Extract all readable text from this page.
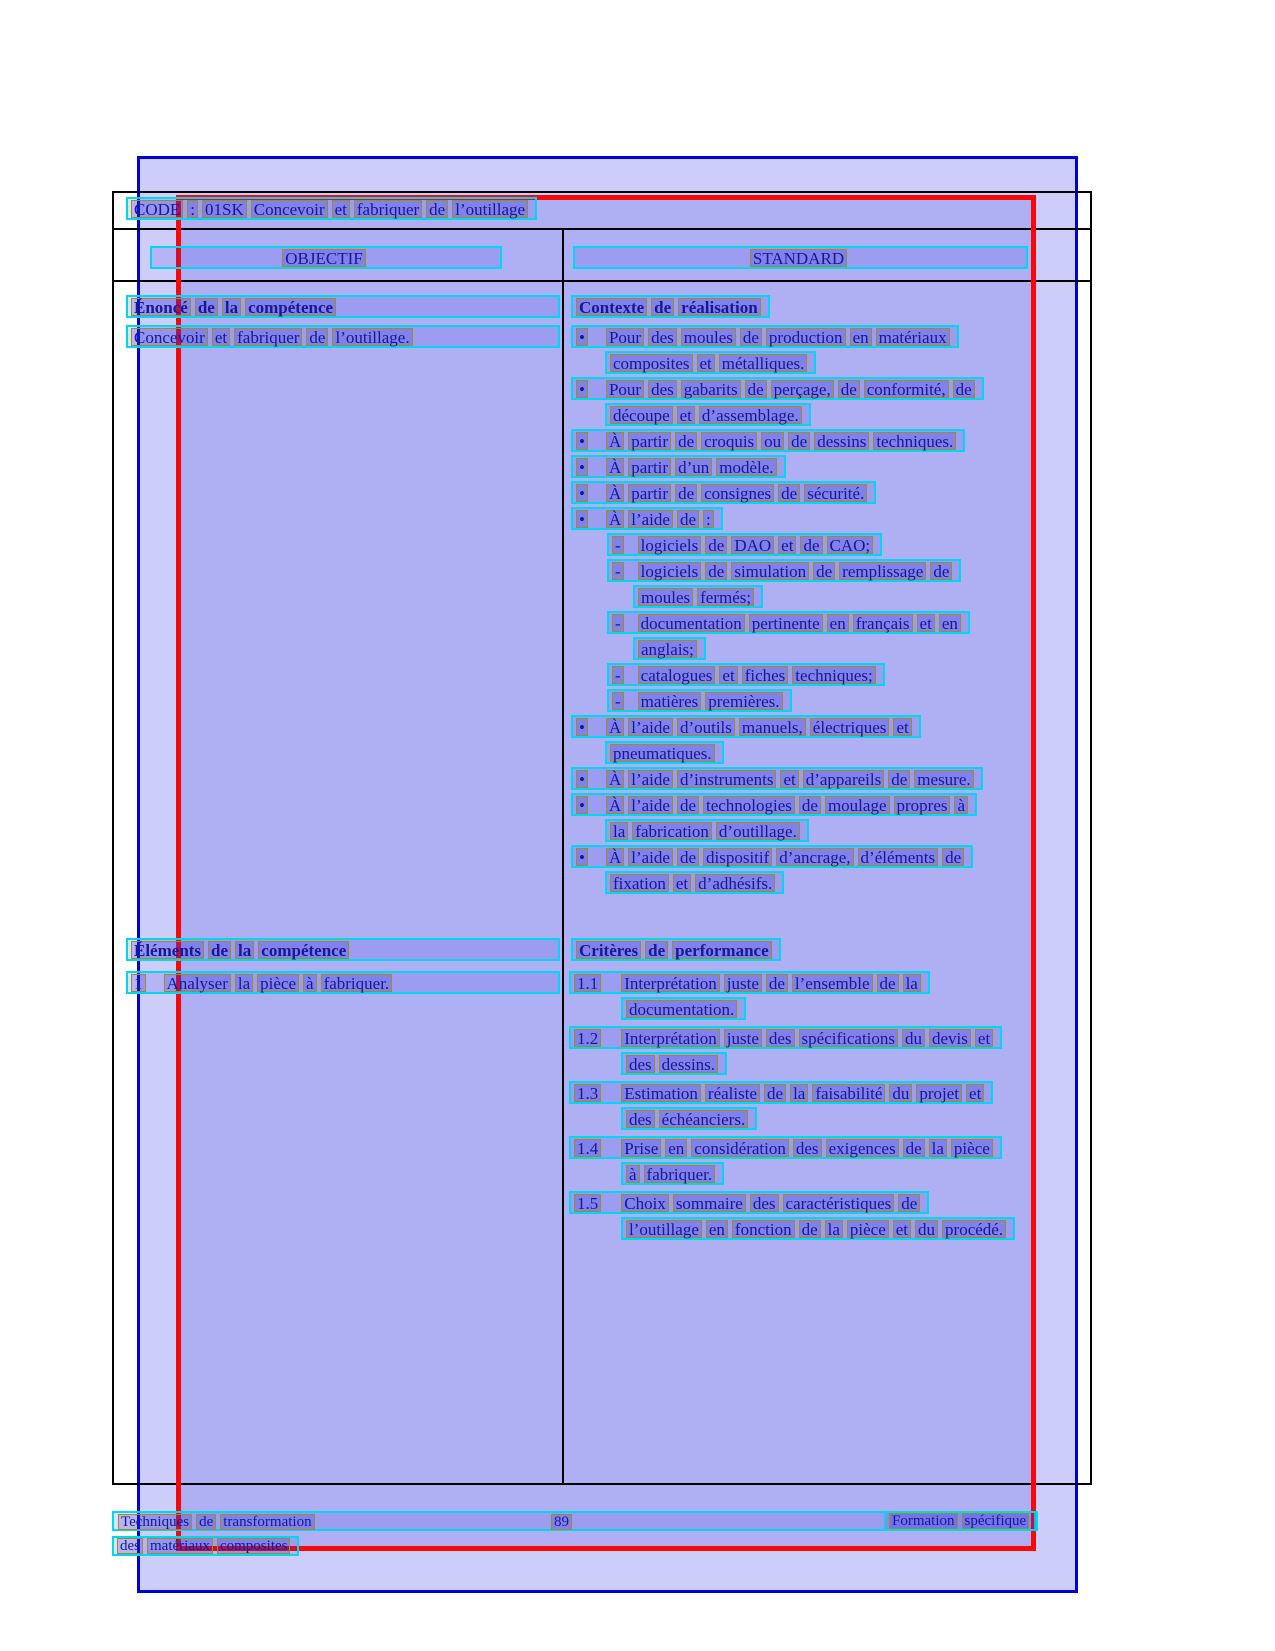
CODE : 01SK Concevoir et fabriquer de l’outillage
OBJECTIF	STANDARD
Énoncé de la compétence	Contexte de réalisation
Concevoir et fabriquer de l’outillage.	• Pour des moules de production en matériaux
composites et métalliques.
• Pour des gabarits de perçage, de conformité, de
découpe et d’assemblage.
• À partir de croquis ou de dessins techniques.
• À partir d’un modèle.
• À partir de consignes de sécurité.
• À l’aide de :
- logiciels de DAO et de CAO;
- logiciels de simulation de remplissage de
moules fermés;
- documentation pertinente en français et en
anglais;
- catalogues et fiches techniques;
- matières premières.
• À l’aide d’outils manuels, électriques et
pneumatiques.
• À l’aide d’instruments et d’appareils de mesure.
• À l’aide de technologies de moulage propres à
la fabrication d’outillage.
• À l’aide de dispositif d’ancrage, d’éléments de
fixation et d’adhésifs.
Éléments de la compétence	Critères de performance
1 Analyser la pièce à fabriquer.	1.1 Interprétation juste de l’ensemble de la
documentation.
1.2 Interprétation juste des spécifications du devis et
des dessins.
1.3 Estimation réaliste de la faisabilité du projet et
des échéanciers.
1.4 Prise en considération des exigences de la pièce
à fabriquer.
1.5 Choix sommaire des caractéristiques de
l’outillage en fonction de la pièce et du procédé.
Techniques de transformation	89	Formation spécifique
des matériaux composites
